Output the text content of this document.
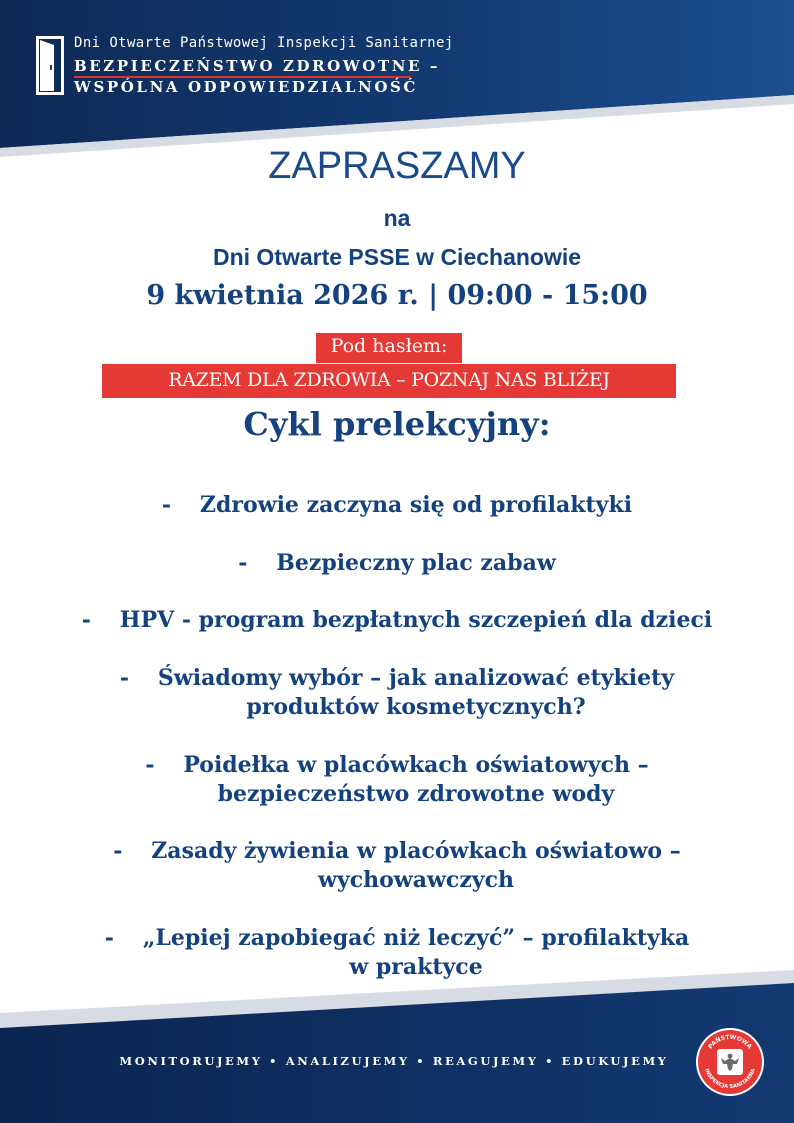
Dni Otwarte Państwowej Inspekcji Sanitarnej
BEZPIECZEŃSTWO ZDROWOTNE –
WSPÓLNA ODPOWIEDZIALNOŚĆ
ZAPRASZAMY
na
Dni Otwarte PSSE w Ciechanowie
9 kwietnia 2026 r. | 09:00 - 15:00
Pod hasłem:
RAZEM DLA ZDROWIA – POZNAJ NAS BLIŻEJ
Cykl prelekcyjny:
- Zdrowie zaczyna się od profilaktyki
- Bezpieczny plac zabaw
- HPV - program bezpłatnych szczepień dla dzieci
- Świadomy wybór – jak analizować etykiety
produktów kosmetycznych?
- Poidełka w placówkach oświatowych –
bezpieczeństwo zdrowotne wody
- Zasady żywienia w placówkach oświatowo –
wychowawczych
- „Lepiej zapobiegać niż leczyć” – profilaktyka
w praktyce
MONITORUJEMY • ANALIZUJEMY • REAGUJEMY • EDUKUJEMY
PAŃSTWOWA
INSPEKCJA SANITARNA
